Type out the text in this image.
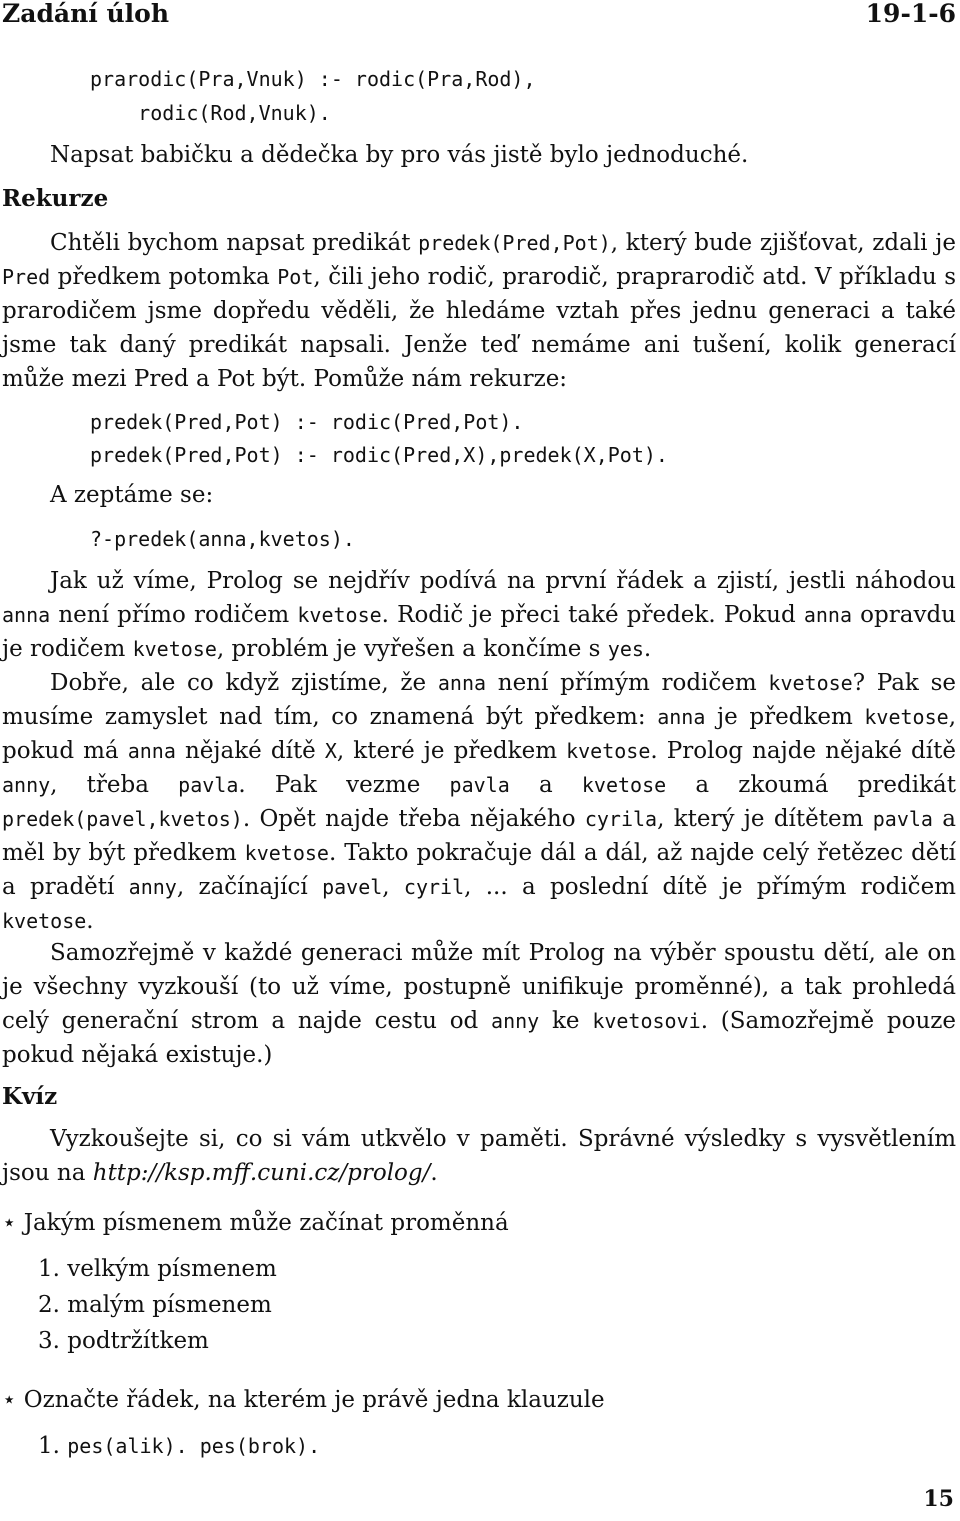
Zadání úloh	19-1-6
prarodic(Pra,Vnuk) :- rodic(Pra,Rod),
rodic(Rod,Vnuk).
Napsat babičku a dědečka by pro vás jistě bylo jednoduché.
Rekurze
Chtěli bychom napsat predikát predek(Pred,Pot), který bude zjišťovat, zdali je Pred předkem potomka Pot, čili jeho rodič, prarodič, praprarodič atd. V příkladu s prarodičem jsme dopředu věděli, že hledáme vztah přes jednu generaci a také jsme tak daný predikát napsali. Jenže teď nemáme ani tušení, kolik generací může mezi Pred a Pot být. Pomůže nám rekurze:
predek(Pred,Pot) :- rodic(Pred,Pot).
predek(Pred,Pot) :- rodic(Pred,X),predek(X,Pot).
A zeptáme se:
?-predek(anna,kvetos).
Jak už víme, Prolog se nejdřív podívá na první řádek a zjistí, jestli náhodou anna není přímo rodičem kvetose. Rodič je přeci také předek. Pokud anna opravdu je rodičem kvetose, problém je vyřešen a končíme s yes.
Dobře, ale co když zjistíme, že anna není přímým rodičem kvetose? Pak se musíme zamyslet nad tím, co znamená být předkem: anna je předkem kvetose, pokud má anna nějaké dítě X, které je předkem kvetose. Prolog najde nějaké dítě anny, třeba pavla. Pak vezme pavla a kvetose a zkoumá predikát predek(pavel,kvetos). Opět najde třeba nějakého cyrila, který je dítětem pavla a měl by být předkem kvetose. Takto pokračuje dál a dál, až najde celý řetězec dětí a pradětí anny, začínající pavel, cyril, ... a poslední dítě je přímým rodičem kvetose.
Samozřejmě v každé generaci může mít Prolog na výběr spoustu dětí, ale on je všechny vyzkouší (to už víme, postupně unifikuje proměnné), a tak prohledá celý generační strom a najde cestu od anny ke kvetosovi. (Samozřejmě pouze pokud nějaká existuje.)
Kvíz
Vyzkoušejte si, co si vám utkvělo v paměti. Správné výsledky s vysvětlením jsou na http://ksp.mff.cuni.cz/prolog/.
⋆ Jakým písmenem může začínat proměnná
1. velkým písmenem
2. malým písmenem
3. podtržítkem
⋆ Označte řádek, na kterém je právě jedna klauzule
1. pes(alik). pes(brok).
15
